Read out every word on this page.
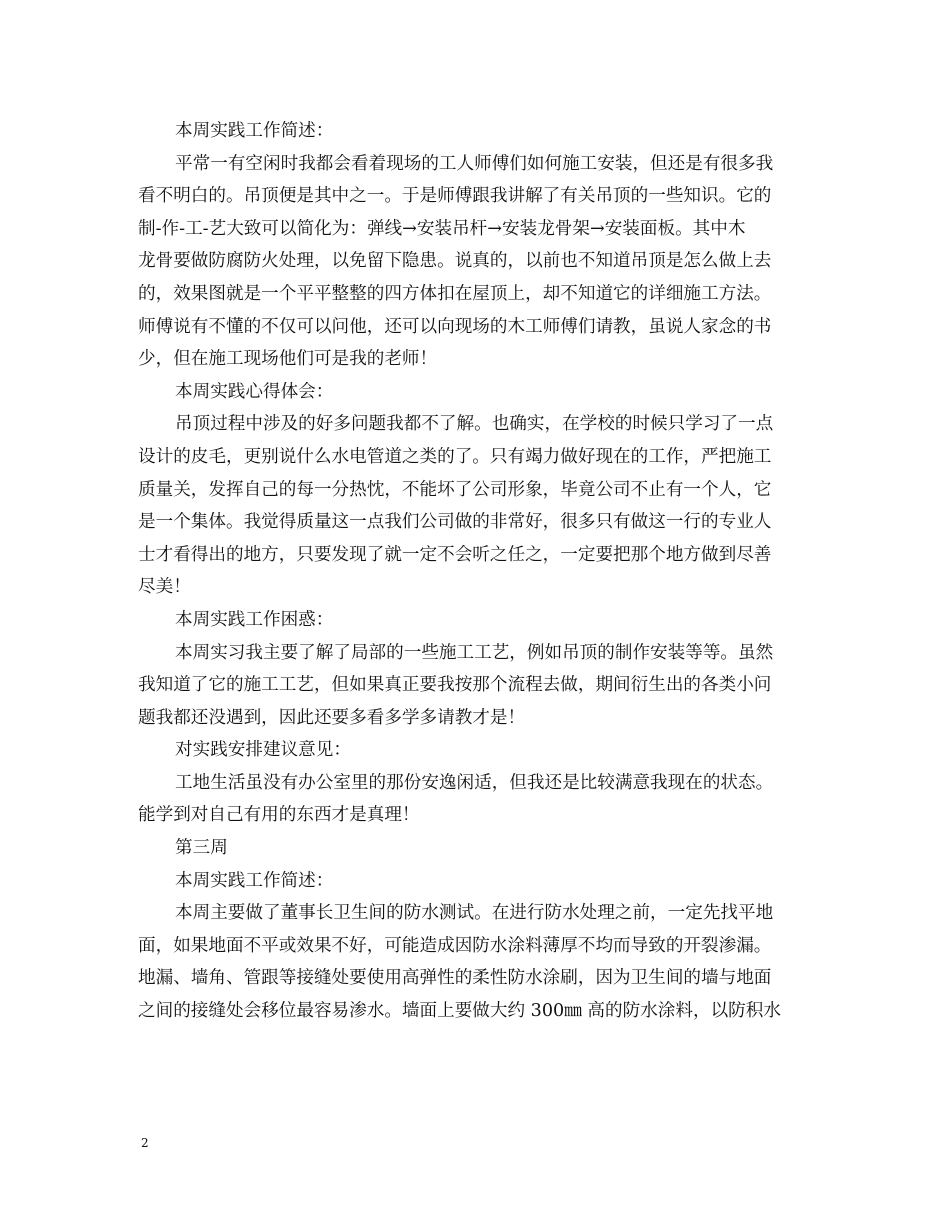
本周实践工作简述：
平常一有空闲时我都会看着现场的工人师傅们如何施工安装，但还是有很多我
看不明白的。吊顶便是其中之一。于是师傅跟我讲解了有关吊顶的一些知识。它的
制-作-工-艺大致可以简化为：弹线→安装吊杆→安装龙骨架→安装面板。其中木
龙骨要做防腐防火处理，以免留下隐患。说真的，以前也不知道吊顶是怎么做上去
的，效果图就是一个平平整整的四方体扣在屋顶上，却不知道它的详细施工方法。
师傅说有不懂的不仅可以问他，还可以向现场的木工师傅们请教，虽说人家念的书
少，但在施工现场他们可是我的老师！
本周实践心得体会：
吊顶过程中涉及的好多问题我都不了解。也确实，在学校的时候只学习了一点
设计的皮毛，更别说什么水电管道之类的了。只有竭力做好现在的工作，严把施工
质量关，发挥自己的每一分热忱，不能坏了公司形象，毕竟公司不止有一个人，它
是一个集体。我觉得质量这一点我们公司做的非常好，很多只有做这一行的专业人
士才看得出的地方，只要发现了就一定不会听之任之，一定要把那个地方做到尽善
尽美！
本周实践工作困惑：
本周实习我主要了解了局部的一些施工工艺，例如吊顶的制作安装等等。虽然
我知道了它的施工工艺，但如果真正要我按那个流程去做，期间衍生出的各类小问
题我都还没遇到，因此还要多看多学多请教才是！
对实践安排建议意见：
工地生活虽没有办公室里的那份安逸闲适，但我还是比较满意我现在的状态。
能学到对自己有用的东西才是真理！
第三周
本周实践工作简述：
本周主要做了董事长卫生间的防水测试。在进行防水处理之前，一定先找平地
面，如果地面不平或效果不好，可能造成因防水涂料薄厚不均而导致的开裂渗漏。
地漏、墙角、管跟等接缝处要使用高弹性的柔性防水涂刷，因为卫生间的墙与地面
之间的接缝处会移位最容易渗水。墙面上要做大约 300㎜ 高的防水涂料，以防积水
2
